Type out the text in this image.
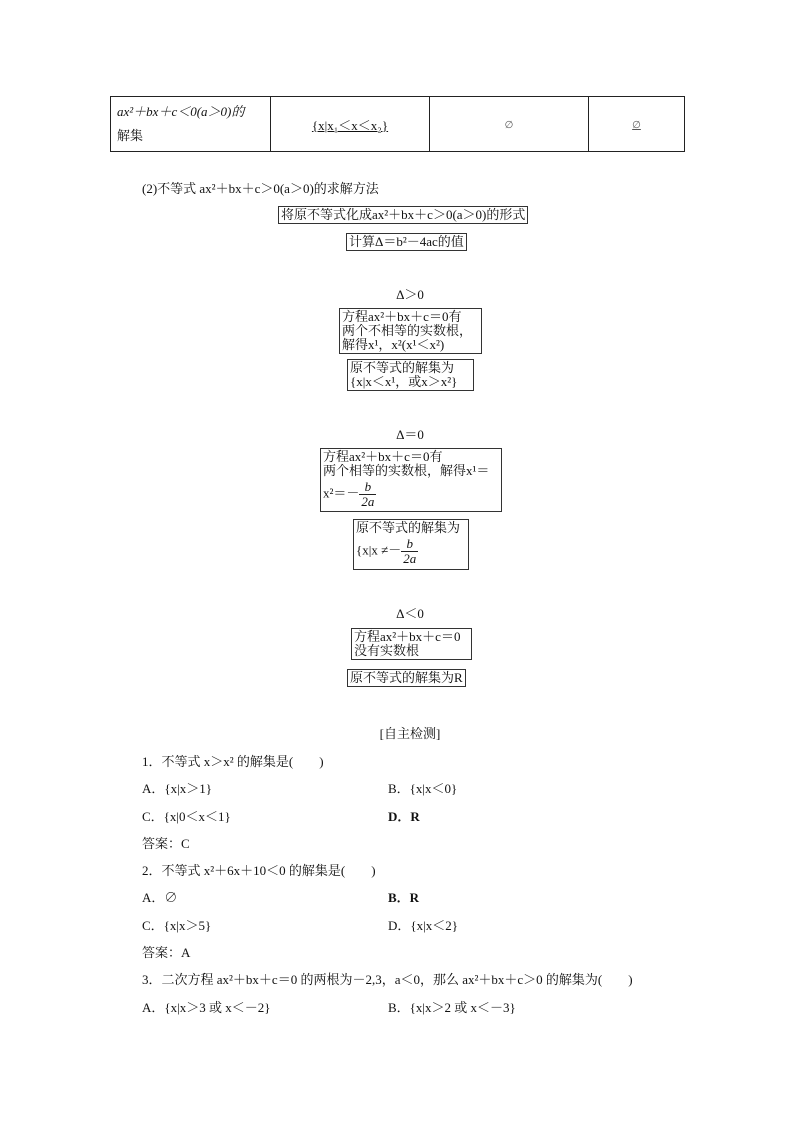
ax²＋bx＋c＜0(a＞0)的
解集
	{x|x₁＜x＜x₂}	∅	∅
(2)不等式 ax²＋bx＋c＞0(a＞0)的求解方法
将原不等式化成ax²＋bx＋c＞0(a＞0)的形式
计算Δ＝b²－4ac的值
Δ＞0
方程ax²＋bx＋c＝0有
两个不相等的实数根，
解得x¹，x²(x¹＜x²)
原不等式的解集为
{x|x＜x¹，或x＞x²}
Δ＝0
方程ax²＋bx＋c＝0有
两个相等的实数根，解得x¹＝
$x^2=- \frac{b}{2a}$
原不等式的解集为
{$x|x \ne- \frac{b}{2a}$
Δ＜0
方程ax²＋bx＋c＝0
没有实数根
原不等式的解集为R
[自主检测]
1．不等式 x＞x² 的解集是(　　)
A．{x|x＞1}	B．{x|x＜0}
C．{x|0＜x＜1}	D．R
答案：C
2．不等式 x²＋6x＋10＜0 的解集是(　　)
A．∅	B．R
C．{x|x＞5}	D．{x|x＜2}
答案：A
3．二次方程 ax²＋bx＋c＝0 的两根为－2,3，a＜0，那么 ax²＋bx＋c＞0 的解集为(　　)
A．{x|x＞3 或 x＜－2}	B．{x|x＞2 或 x＜－3}
